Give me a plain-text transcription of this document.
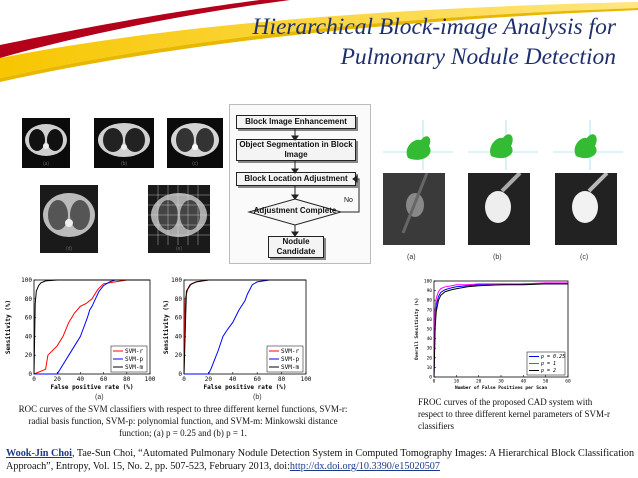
Hierarchical Block-image Analysis for
Pulmonary Nodule Detection
(a)	(b)	(c)
(d)	(e)
Block Image Enhancement
Object Segmentation in Block Image
Block Location Adjustment
Adjustment Complete
No
Nodule Candidate
(a)	(b)	(c)
0	20	40	60	80 100
0
20
40
60
80
100
False positive rate (%)
Sensitivity (%)	SVM-r
SVM-p
SVM-m
0	20	40	60	80	100
0
20
40
60
80
100
False positive rate (%)
Sensitivity (%)	SVM-r
SVM-p
SVM-m
0	10	20	30	40	50	60
0
10
20
30
40
50
60
70
80
90
100
Number of False Positives per Scan
Overall Sensitivity (%)	p = 0.25
p = 1
p = 2
(a)	(b)
ROC curves of the SVM classifiers with respect to three different kernel functions, SVM-r: radial basis function, SVM-p: polynomial function, and SVM-m: Minkowski distance function; (a) p = 0.25 and (b) p = 1.
FROC curves of the proposed CAD system with respect to three different kernel parameters of SVM-r classifiers
Wook-Jin Choi, Tae-Sun Choi, “Automated Pulmonary Nodule Detection System in Computed Tomography Images: A Hierarchical Block Classification Approach”, Entropy, Vol. 15, No. 2, pp. 507-523, February 2013, doi:http://dx.doi.org/10.3390/e15020507
